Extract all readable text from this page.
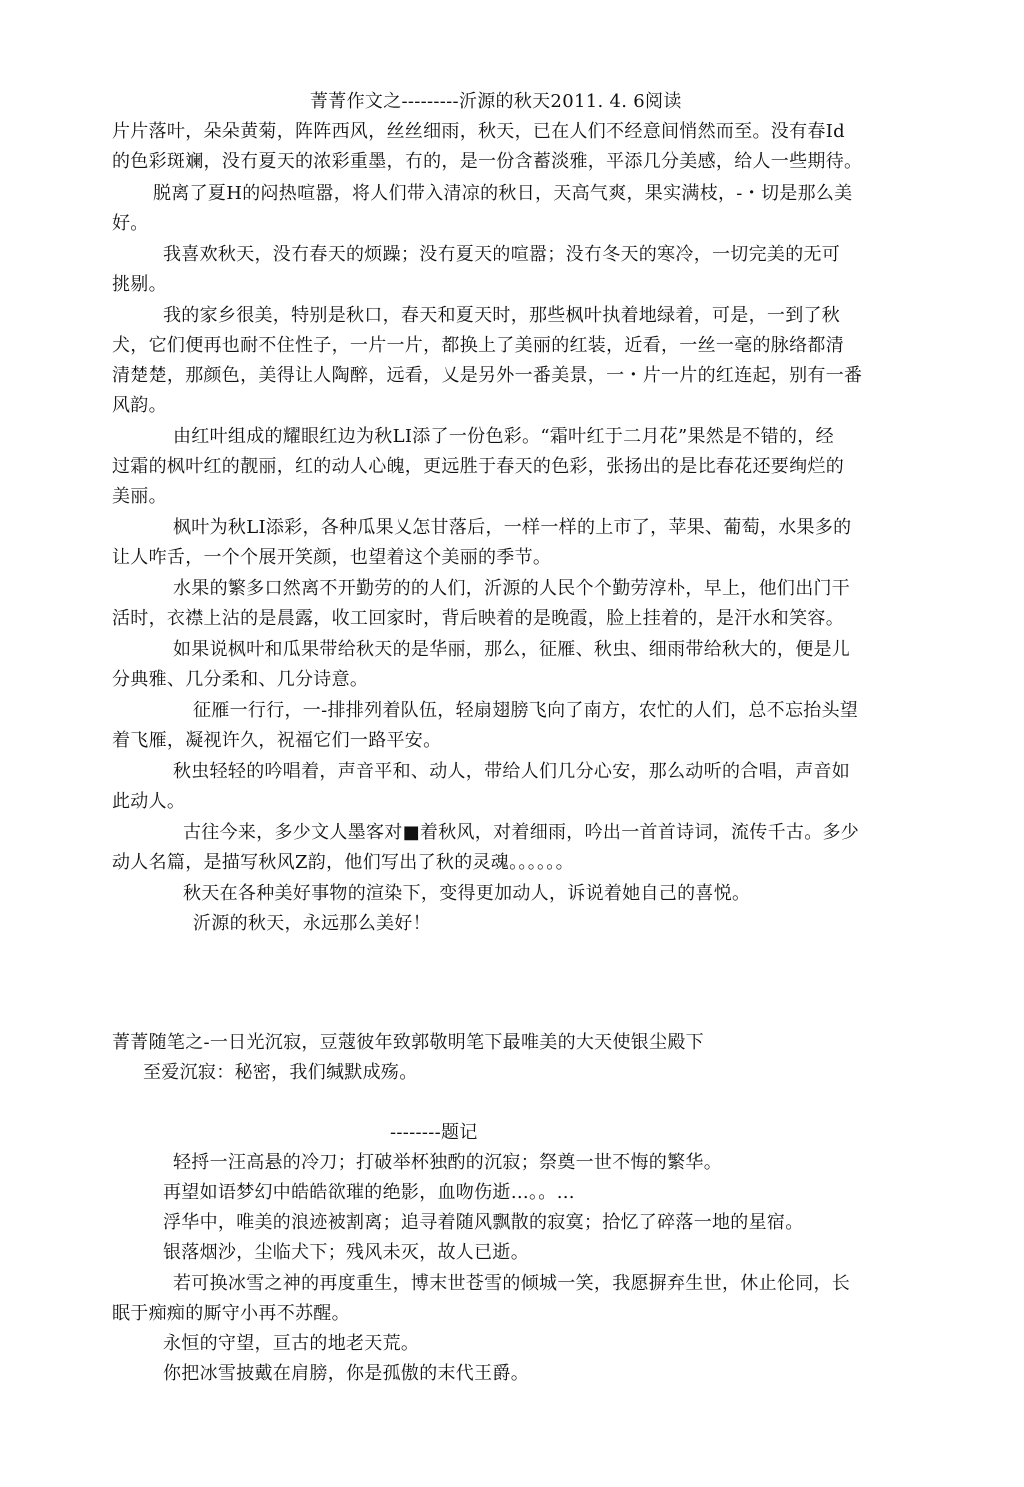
菁菁作文之---------沂源的秋天2011. 4. 6阅读
片片落叶，朵朵黄菊，阵阵西风，丝丝细雨，秋天，已在人们不经意间悄然而至。没有春Id
的色彩斑斓，没冇夏天的浓彩重墨，冇的，是一份含蓄淡雅，平添几分美感，给人一些期待。
脱离了夏H的闷热喧嚣，将人们带入清凉的秋日，天高气爽，果实满枝，-・切是那么美
好。
我喜欢秋天，没冇春天的烦躁；没冇夏天的喧嚣；没冇冬天的寒冷，一切完美的无可
挑剔。
我的家乡很美，特别是秋口，春天和夏天时，那些枫叶执着地绿着，可是，一到了秋
犬，它们便再也耐不住性子，一片一片，都换上了美丽的红装，近看，一丝一毫的脉络都清
清楚楚，那颜色，美得让人陶醉，远看，乂是另外一番美景，一・片一片的红连起，别有一番
风韵。
由红叶组成的耀眼红边为秋LI添了一份色彩。“霜叶红于二月花”果然是不错的，经
过霜的枫叶红的靓丽，红的动人心魄，更远胜于春天的色彩，张扬出的是比春花还要绚烂的
美丽。
枫叶为秋LI添彩，各种瓜果乂怎甘落后，一样一样的上市了，苹果、葡萄，水果多的
让人咋舌，一个个展开笑颜，也望着这个美丽的季节。
水果的繁多口然离不开勤劳的的人们，沂源的人民个个勤劳淳朴，早上，他们出门干
活时，衣襟上沾的是晨露，收工回家时，背后映着的是晚霞，脸上挂着的，是汗水和笑容。
如果说枫叶和瓜果带给秋天的是华丽，那么，征雁、秋虫、细雨带给秋大的，便是儿
分典雅、几分柔和、几分诗意。
征雁一行行，一-排排列着队伍，轻扇翅膀飞向了南方，农忙的人们，总不忘抬头望
着飞雁，凝视许久，祝福它们一路平安。
秋虫轻轻的吟唱着，声音平和、动人，带给人们几分心安，那么动听的合唱，声音如
此动人。
古往今来，多少文人墨客对■着秋风，对着细雨，吟出一首首诗词，流传千古。多少
动人名篇，是描写秋风Z韵，他们写出了秋的灵魂。。。。。。
秋天在各种美好事物的渲染下，变得更加动人，诉说着她自己的喜悦。
沂源的秋天，永远那么美好！
菁菁随笔之-一日光沉寂，豆蔻彼年致郭敬明笔下最唯美的大天使银尘殿下
至爱沉寂：秘密，我们缄默成殇。
--------题记
轻捋一汪高悬的冷刀；打破举杯独酌的沉寂；祭奠一世不悔的繁华。
再望如语梦幻中皓皓欲璀的绝影，血吻伤逝…。。…
浮华中，唯美的浪迹被割离；追寻着随风飘散的寂寞；拾忆了碎落一地的星宿。
银落烟沙，尘临犬下；残风未灭，故人已逝。
若可换冰雪之神的再度重生，博末世苍雪的倾城一笑，我愿摒弃生世，休止伦同，长
眠于痴痴的厮守小再不苏醒。
永恒的守望，亘古的地老天荒。
你把冰雪披戴在肩膀，你是孤傲的末代王爵。
